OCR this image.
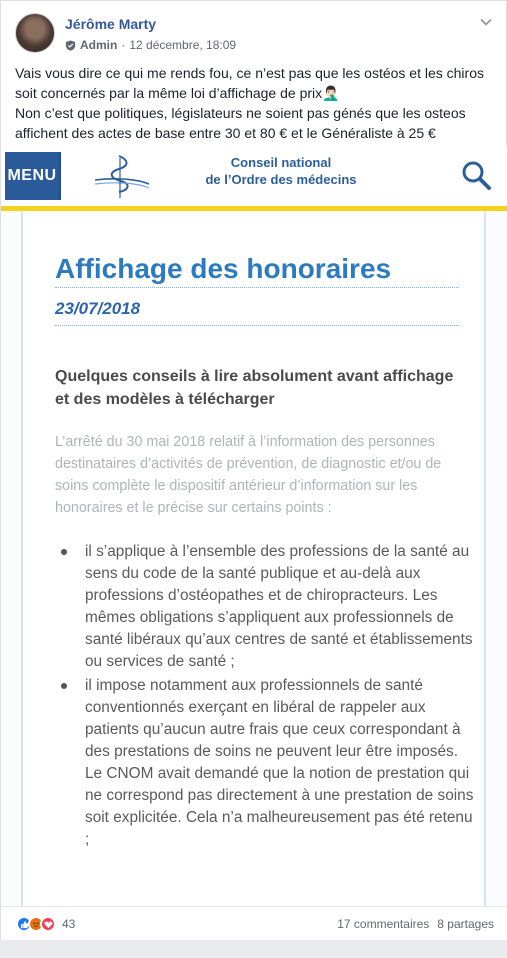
Jérôme Marty
Admin · 12 décembre, 18:09

Vais vous dire ce qui me rends fou, ce n’est pas que les ostéos et les chiros soit concernés par la même loi d’affichage de prix🤦🏻‍♂️

Non c’est que politiques, législateurs ne soient pas génés que les osteos affichent des actes de base entre 30 et 80 € et le Généraliste à 25 €

MENU
Conseil national
de l’Ordre des médecins
Affichage des honoraires
23/07/2018
Quelques conseils à lire absolument avant affichage et des modèles à télécharger
L’arrêté du 30 mai 2018 relatif à l’information des personnes destinataires d’activités de prévention, de diagnostic et/ou de soins complète le dispositif antérieur d’information sur les honoraires et le précise sur certains points :
il s’applique à l’ensemble des professions de la santé au sens du code de la santé publique et au-delà aux professions d’ostéopathes et de chiropracteurs. Les mêmes obligations s’appliquent aux professionnels de santé libéraux qu’aux centres de santé et établissements ou services de santé ;
il impose notamment aux professionnels de santé conventionnés exerçant en libéral de rappeler aux patients qu’aucun autre frais que ceux correspondant à des prestations de soins ne peuvent leur être imposés. Le CNOM avait demandé que la notion de prestation qui ne correspond pas directement à une prestation de soins soit explicitée. Cela n’a malheureusement pas été retenu ;
43	17 commentaires 8 partages
